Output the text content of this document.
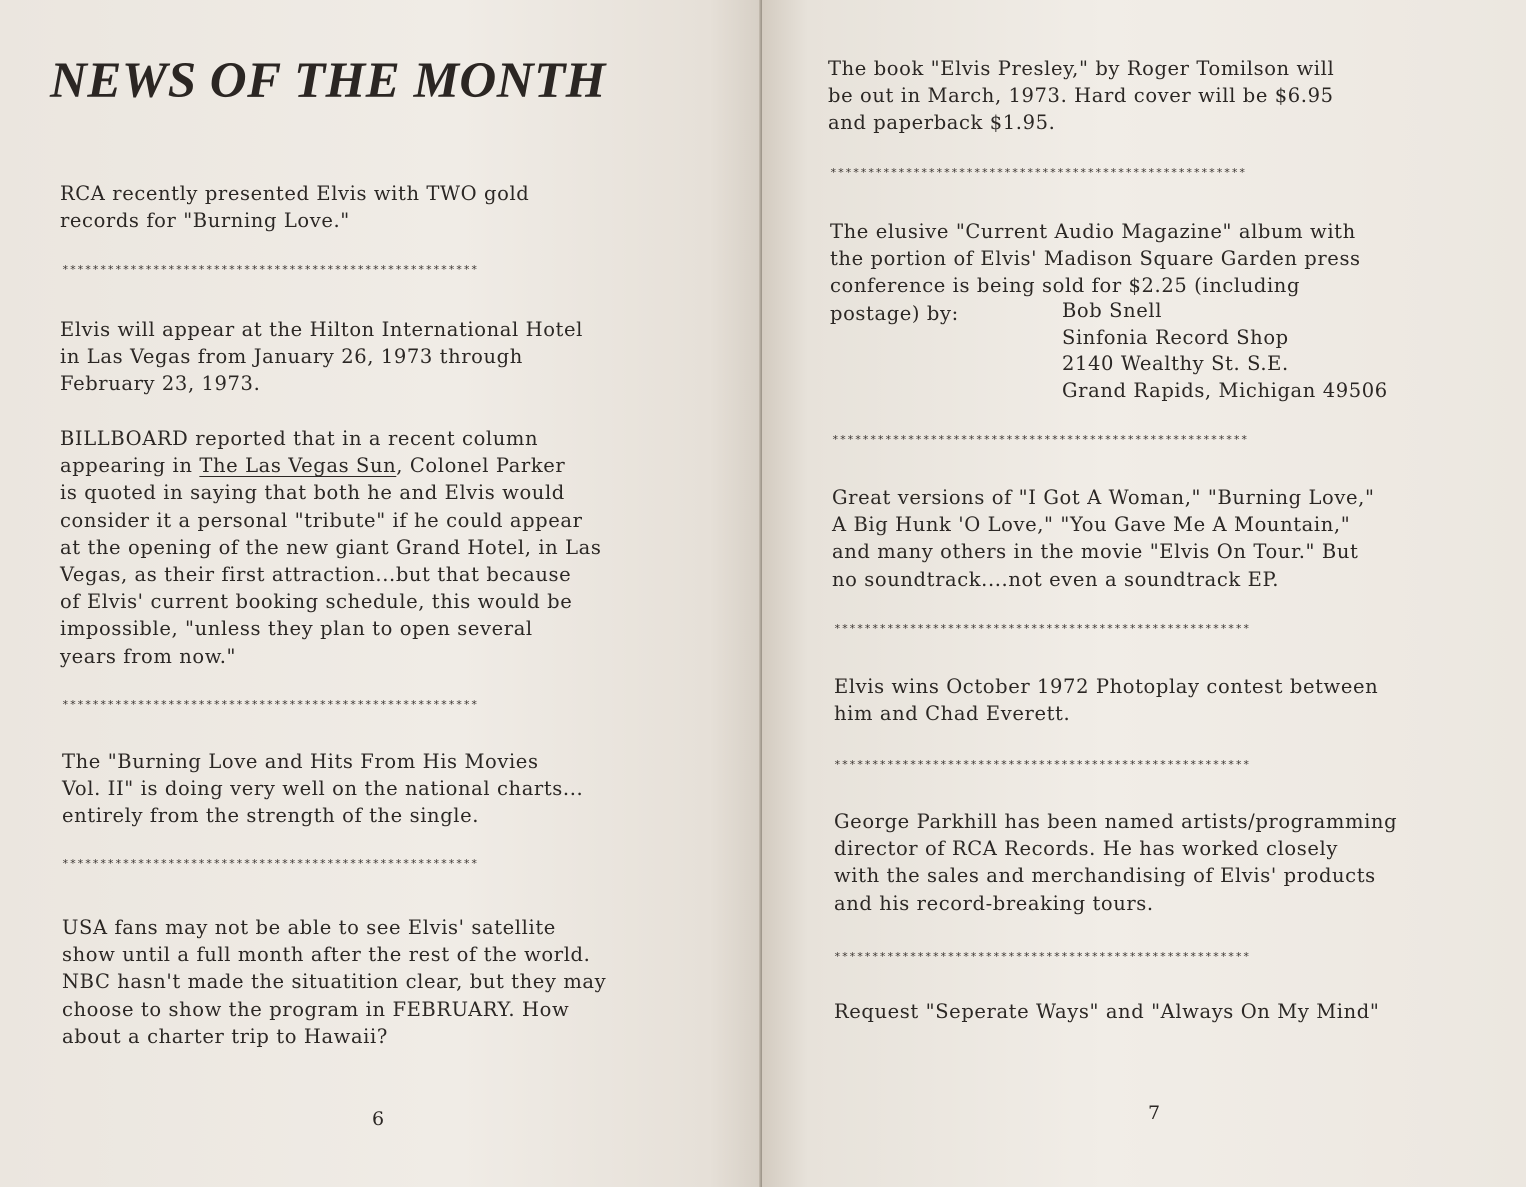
NEWS OF THE MONTH

RCA recently presented Elvis with TWO gold
records for "Burning Love."

*******************************************************

Elvis will appear at the Hilton International Hotel
in Las Vegas from January 26, 1973 through
February 23, 1973.

BILLBOARD reported that in a recent column
appearing in The Las Vegas Sun, Colonel Parker
is quoted in saying that both he and Elvis would
consider it a personal "tribute" if he could appear
at the opening of the new giant Grand Hotel, in Las
Vegas, as their first attraction...but that because
of Elvis' current booking schedule, this would be
impossible, "unless they plan to open several
years from now."

*******************************************************

The "Burning Love and Hits From His Movies
Vol. II" is doing very well on the national charts...
entirely from the strength of the single.

*******************************************************

USA fans may not be able to see Elvis' satellite
show until a full month after the rest of the world.
NBC hasn't made the situatition clear, but they may
choose to show the program in FEBRUARY. How
about a charter trip to Hawaii?

6

The book "Elvis Presley," by Roger Tomilson will
be out in March, 1973. Hard cover will be $6.95
and paperback $1.95.

*******************************************************

The elusive "Current Audio Magazine" album with
the portion of Elvis' Madison Square Garden press
conference is being sold for $2.25 (including
postage) by:	Bob Snell
Sinfonia Record Shop
2140 Wealthy St. S.E.
Grand Rapids, Michigan 49506

*******************************************************

Great versions of "I Got A Woman," "Burning Love,"
A Big Hunk 'O Love," "You Gave Me A Mountain,"
and many others in the movie "Elvis On Tour." But
no soundtrack....not even a soundtrack EP.

*******************************************************

Elvis wins October 1972 Photoplay contest between
him and Chad Everett.

*******************************************************

George Parkhill has been named artists/programming
director of RCA Records. He has worked closely
with the sales and merchandising of Elvis' products
and his record-breaking tours.

*******************************************************

Request "Seperate Ways" and "Always On My Mind"

7
